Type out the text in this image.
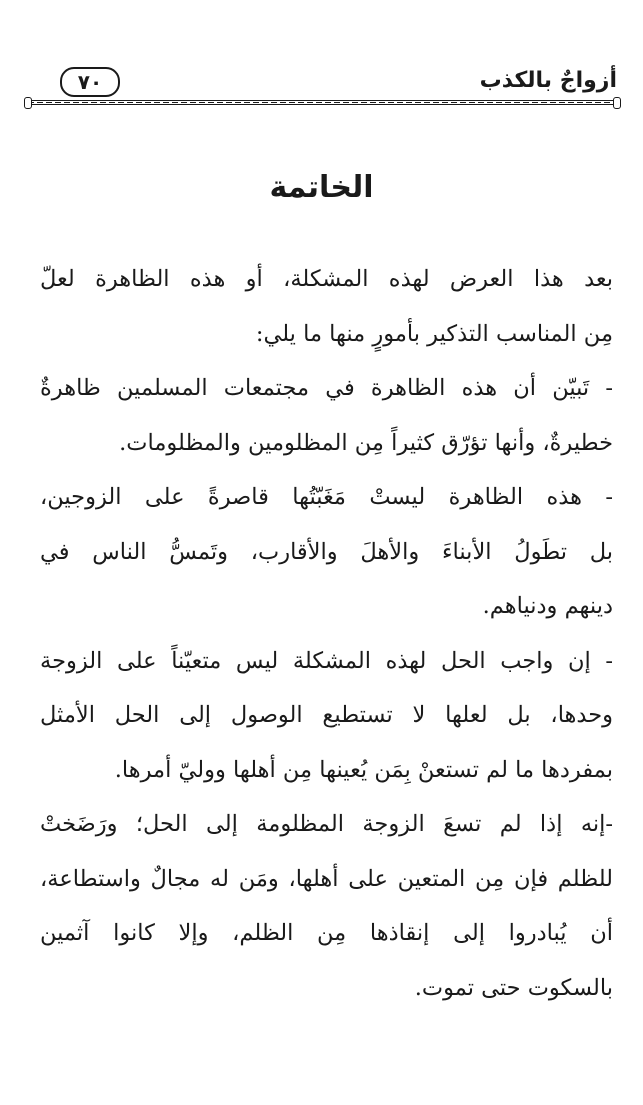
٧٠	أزواجٌ بالكذب
الخاتمة
بعد هذا العرض لهذه المشكلة، أو هذه الظاهرة لعلّ
مِن المناسب التذكير بأمورٍ منها ما يلي:
- تَبيّن أن هذه الظاهرة في مجتمعات المسلمين ظاهرةٌ
خطيرةٌ، وأنها تؤرّق كثيراً مِن المظلومين والمظلومات.
- هذه الظاهرة ليستْ مَغَبّتُها قاصرةً على الزوجين،
بل تطَولُ الأبناءَ والأهلَ والأقارب، وتَمسُّ الناس في
دينهم ودنياهم.
- إن واجب الحل لهذه المشكلة ليس متعيّناً على الزوجة
وحدها، بل لعلها لا تستطيع الوصول إلى الحل الأمثل
بمفردها ما لم تستعنْ بِمَن يُعينها مِن أهلها ووليّ أمرها.
-إنه إذا لم تسعَ الزوجة المظلومة إلى الحل؛ ورَضَختْ
للظلم فإن مِن المتعين على أهلها، ومَن له مجالٌ واستطاعة،
أن يُبادروا إلى إنقاذها مِن الظلم، وإلا كانوا آثمين
بالسكوت حتى تموت.
